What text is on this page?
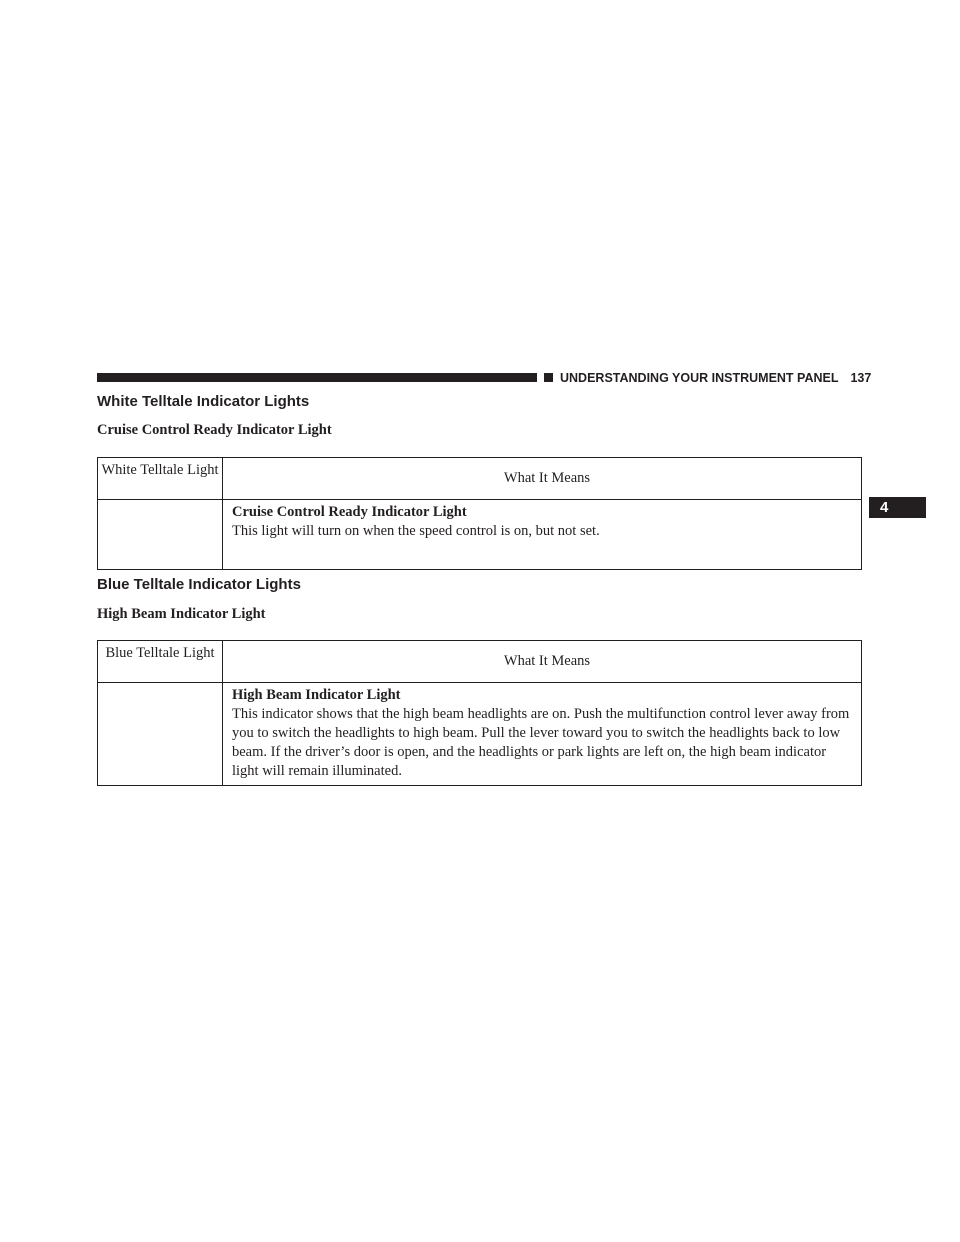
UNDERSTANDING YOUR INSTRUMENT PANEL 137
4
White Telltale Indicator Lights
Cruise Control Ready Indicator Light
White Telltale Light	What It Means

	Cruise Control Ready Indicator Light
This light will turn on when the speed control is on, but not set.
Blue Telltale Indicator Lights
High Beam Indicator Light
Blue Telltale Light	What It Means

	High Beam Indicator Light
This indicator shows that the high beam headlights are on. Push the multifunction control lever away from you to switch the headlights to high beam. Pull the lever toward you to switch the headlights back to low beam. If the driver’s door is open, and the headlights or park lights are left on, the high beam indicator light will remain illuminated.
